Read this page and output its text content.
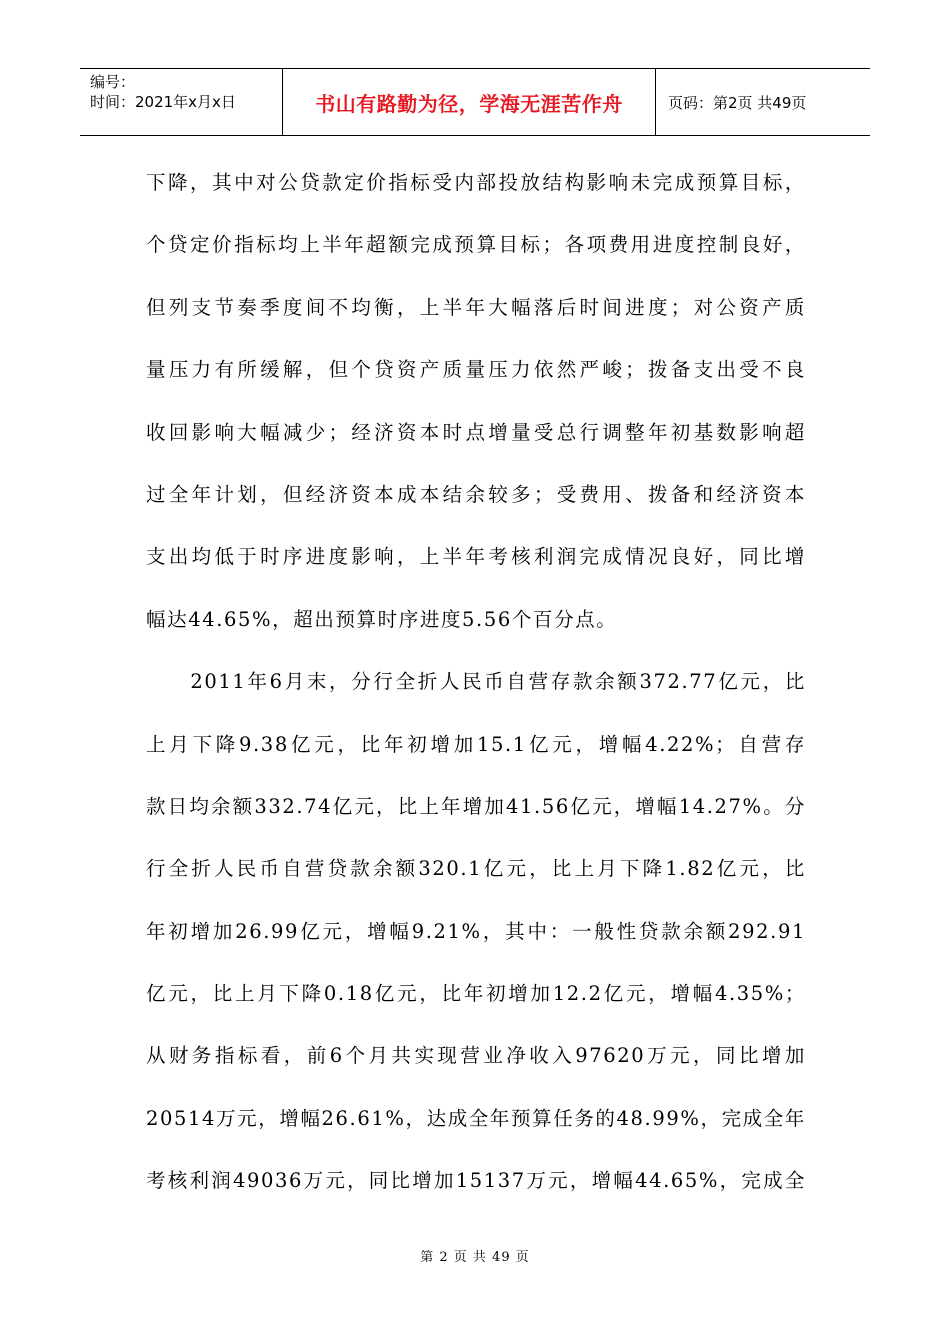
编号：
时间：2021年x月x日	书山有路勤为径，学海无涯苦作舟	页码：第2页 共49页
下降，其中对公贷款定价指标受内部投放结构影响未完成预算目标，
个贷定价指标均上半年超额完成预算目标；各项费用进度控制良好，
但列支节奏季度间不均衡，上半年大幅落后时间进度；对公资产质
量压力有所缓解，但个贷资产质量压力依然严峻；拨备支出受不良
收回影响大幅减少；经济资本时点增量受总行调整年初基数影响超
过全年计划，但经济资本成本结余较多；受费用、拨备和经济资本
支出均低于时序进度影响，上半年考核利润完成情况良好，同比增
幅达44.65%，超出预算时序进度5.56个百分点。
　　2011年6月末，分行全折人民币自营存款余额372.77亿元，比
上月下降9.38亿元，比年初增加15.1亿元，增幅4.22%；自营存
款日均余额332.74亿元，比上年增加41.56亿元，增幅14.27%。分
行全折人民币自营贷款余额320.1亿元，比上月下降1.82亿元，比
年初增加26.99亿元，增幅9.21%，其中：一般性贷款余额292.91
亿元，比上月下降0.18亿元，比年初增加12.2亿元，增幅4.35%；
从财务指标看，前6个月共实现营业净收入97620万元，同比增加
20514万元，增幅26.61%，达成全年预算任务的48.99%，完成全年
考核利润49036万元，同比增加15137万元，增幅44.65%，完成全
第 2 页 共 49 页
